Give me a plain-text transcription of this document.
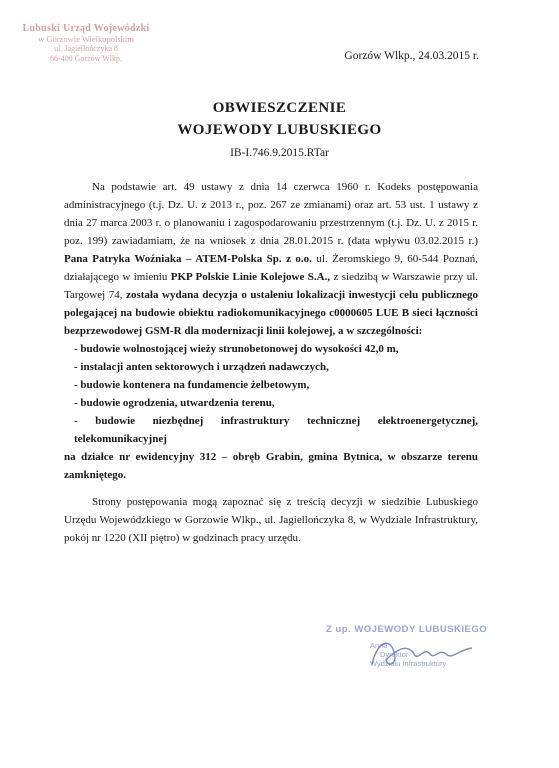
Lubuski Urząd Wojewódzki
w Gorzowie Wielkopolskim
ul. Jagiellończyka 8
66-400 Gorzów Wlkp.	Gorzów Wlkp., 24.03.2015 r.
OBWIESZCZENIE
WOJEWODY LUBUSKIEGO
IB-I.746.9.2015.RTar

Na podstawie art. 49 ustawy z dnia 14 czerwca 1960 r. Kodeks postępowania administracyjnego (t.j. Dz. U. z 2013 r., poz. 267 ze zmianami) oraz art. 53 ust. 1 ustawy z dnia 27 marca 2003 r. o planowaniu i zagospodarowaniu przestrzennym (t.j. Dz. U. z 2015 r. poz. 199) zawiadamiam, że na wniosek z dnia 28.01.2015 r. (data wpływu 03.02.2015 r.) Pana Patryka Woźniaka – ATEM-Polska Sp. z o.o. ul. Żeromskiego 9, 60-544 Poznań, działającego w imieniu PKP Polskie Linie Kolejowe S.A., z siedzibą w Warszawie przy ul. Targowej 74, została wydana decyzja o ustaleniu lokalizacji inwestycji celu publicznego polegającej na budowie obiektu radiokomunikacyjnego c0000605 LUE B sieci łączności bezprzewodowej GSM-R dla modernizacji linii kolejowej, a w szczególności:

- budowie wolnostojącej wieży strunobetonowej do wysokości 42,0 m,
- instalacji anten sektorowych i urządzeń nadawczych,
- budowie kontenera na fundamencie żelbetowym,
- budowie ogrodzenia, utwardzenia terenu,
- budowie niezbędnej infrastruktury technicznej elektroenergetycznej, telekomunikacyjnej

na działce nr ewidencyjny 312 – obręb Grabin, gmina Bytnica, w obszarze terenu zamkniętego.

Strony postępowania mogą zapoznać się z treścią decyzji w siedzibie Lubuskiego Urzędu Wojewódzkiego w Gorzowie Wlkp., ul. Jagiellończyka 8, w Wydziale Infrastruktury, pokój nr 1220 (XII piętro) w godzinach pracy urzędu.

Z up. WOJEWODY LUBUSKIEGO
Anna
Dyrektor
Wydziału Infrastruktury
